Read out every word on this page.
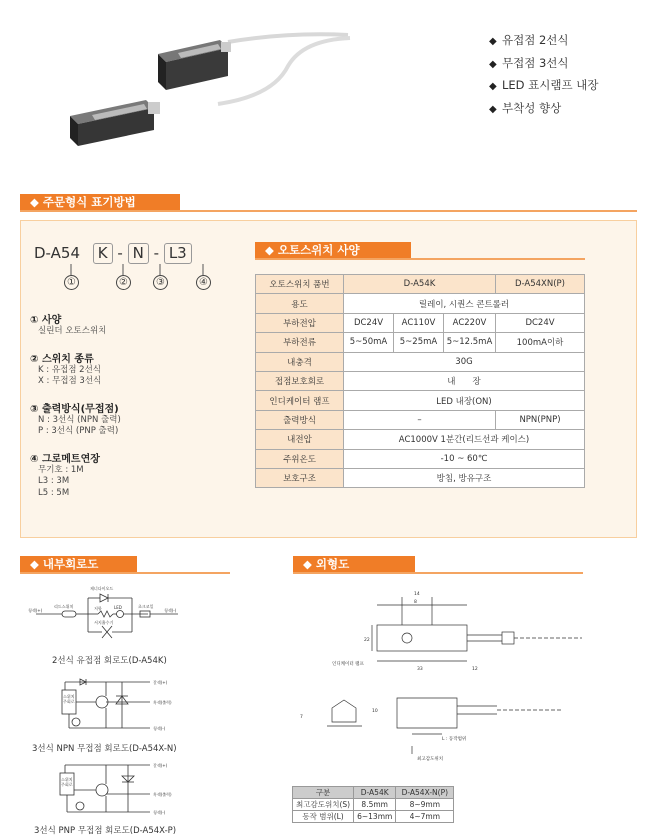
◆ 유접점 2선식
◆ 무접점 3선식
◆ LED 표시램프 내장
◆ 부착성 향상
◆ 주문형식 표기방법
D-A54 K - N - L3
①	②	③	④
① 사양

실린더 오토스위치

② 스위치 종류

K : 유접점 2선식

X : 무접점 3선식

③ 출력방식(무접점)

N : 3선식 (NPN 출력)

P : 3선식 (PNP 출력)

④ 그로메트연장

무기호 : 1M

L3 : 3M

L5 : 5M

◆ 오토스위치 사양
오토스위치 품번	D-A54K			D-A54XN(P)
용도	릴레이, 시퀀스 콘트롤러			
부하전압	DC24V	AC110V	AC220V	DC24V
부하전류	5~50mA	5~25mA	5~12.5mA	100mA이하
내충격	30G			
접점보호회로	내　　장			
인디케이터 램프	LED 내장(ON)			
출력방식	–			NPN(PNP)
내전압	AC1000V 1분간(리드선과 케이스)			
주위온도	-10 ~ 60℃			
보호구조	방침, 방유구조			
◆ 내부회로도
청색(+)
리드스위치
제너다이오드
저항	LED	초크코일
청색(-)
서지흡수기
2선식 유접점 회로도(D-A54K)
스위치
주회로
갈색(+)
흑색(출력)
청색(-)
3선식 NPN 무접점 회로도(D-A54X-N)
스위치
주회로
갈색(+)
흑색(출력)
청색(-)
3선식 PNP 무접점 회로도(D-A54X-P)
◆ 외형도
14
8
22
33	12
인디케이터 램프
7
10
L : 동작범위
최고감도위치
구분	D-A54K	D-A54X-N(P)
최고감도위치(S)	8.5mm	8~9mm
동작 범위(L)	6~13mm	4~7mm
